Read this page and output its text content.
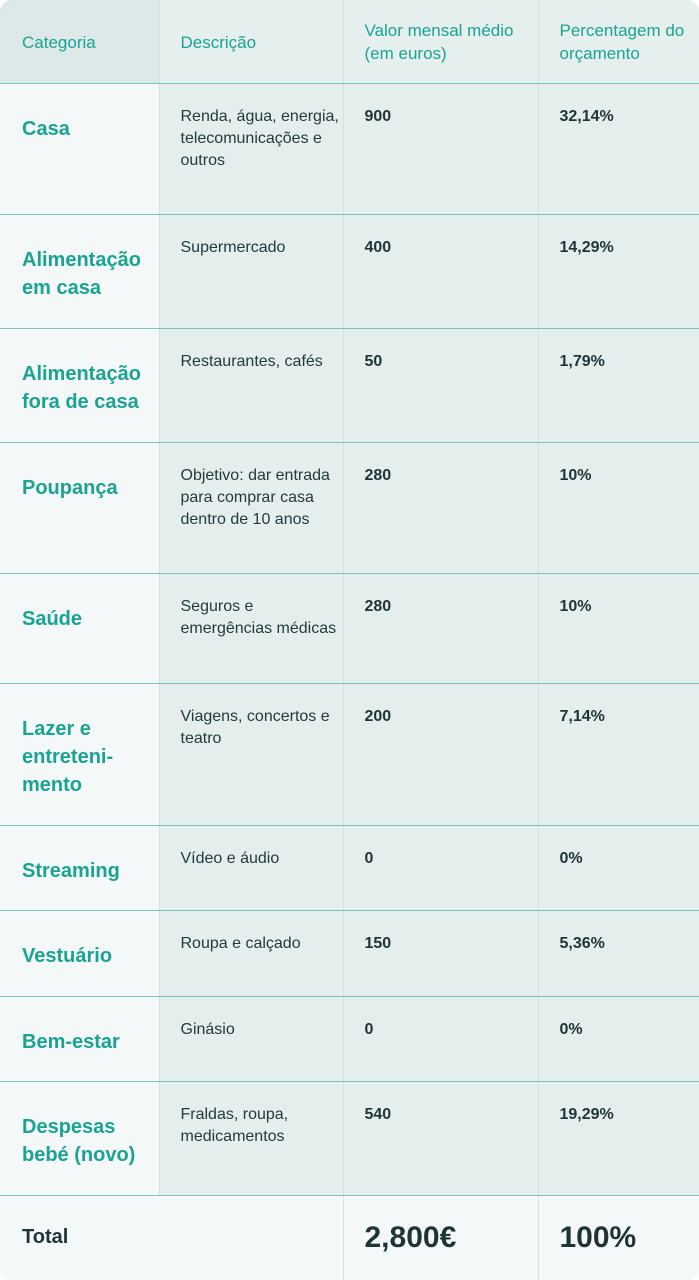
Categoria	Descrição	Valor mensal médio (em euros)	Percentagem do orçamento
Casa	Renda, água, energia, telecomunicações e outros	900	32,14%
Alimentação em casa	Supermercado	400	14,29%
Alimentação fora de casa	Restaurantes, cafés	50	1,79%
Poupança	Objetivo: dar entrada para comprar casa dentro de 10 anos	280	10%
Saúde	Seguros e emergências médicas	280	10%
Lazer e entreteni-mento	Viagens, concertos e teatro	200	7,14%
Streaming	Vídeo e áudio	0	0%
Vestuário	Roupa e calçado	150	5,36%
Bem-estar	Ginásio	0	0%
Despesas bebé (novo)	Fraldas, roupa, medicamentos	540	19,29%
Total		2,800€	100%
